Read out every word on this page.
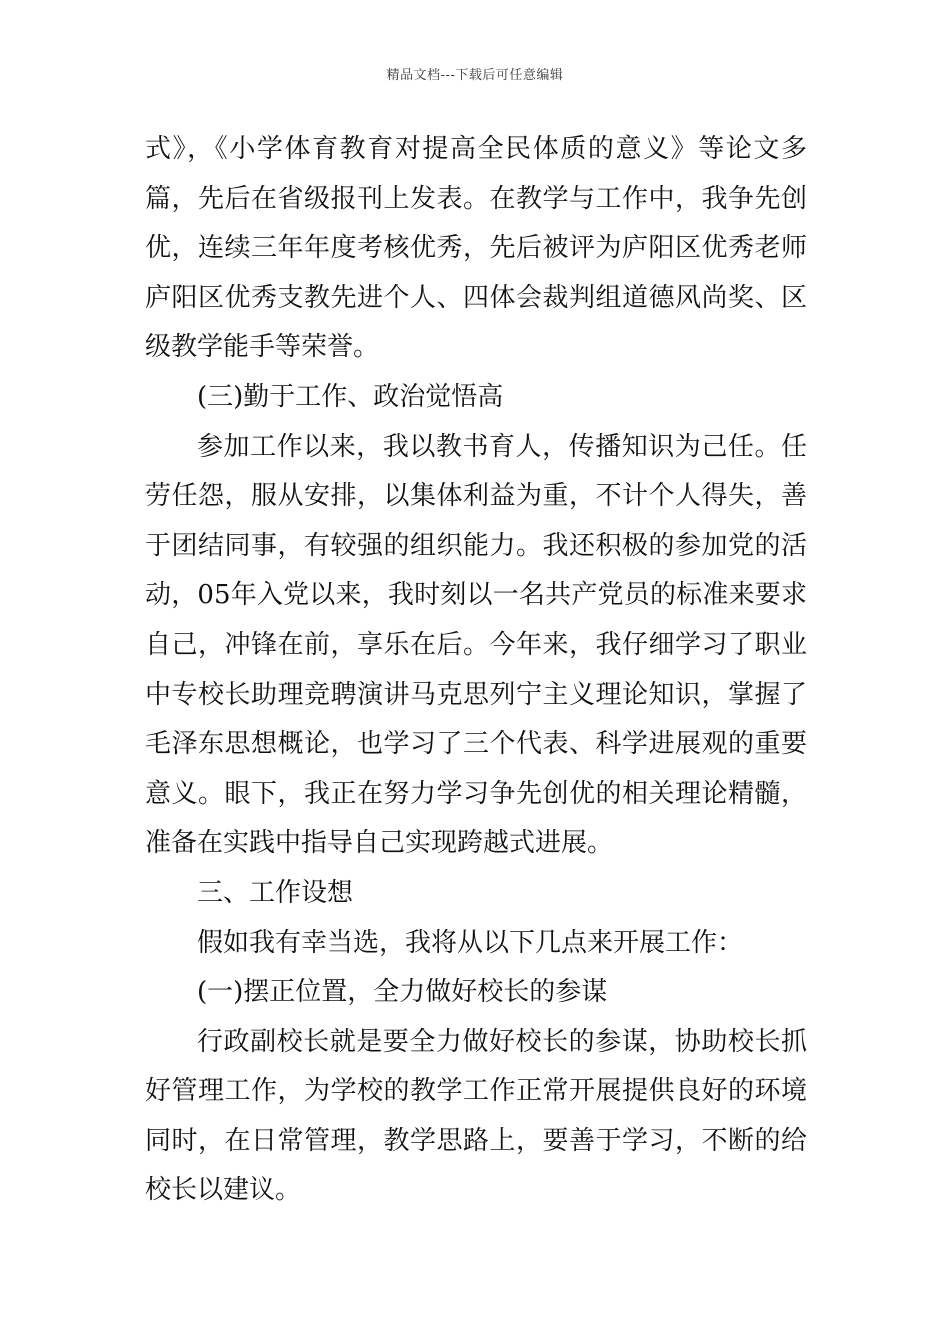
精品文档---下载后可任意编辑
式》，《小学体育教育对提高全民体质的意义》等论文多
篇，先后在省级报刊上发表。在教学与工作中，我争先创
优，连续三年年度考核优秀，先后被评为庐阳区优秀老师
庐阳区优秀支教先进个人、四体会裁判组道德风尚奖、区
级教学能手等荣誉。
(三)勤于工作、政治觉悟高
参加工作以来，我以教书育人，传播知识为己任。任
劳任怨，服从安排，以集体利益为重，不计个人得失，善
于团结同事，有较强的组织能力。我还积极的参加党的活
动，05年入党以来，我时刻以一名共产党员的标准来要求
自己，冲锋在前，享乐在后。今年来，我仔细学习了职业
中专校长助理竞聘演讲马克思列宁主义理论知识，掌握了
毛泽东思想概论，也学习了三个代表、科学进展观的重要
意义。眼下，我正在努力学习争先创优的相关理论精髓，
准备在实践中指导自己实现跨越式进展。
三、工作设想
假如我有幸当选，我将从以下几点来开展工作：
(一)摆正位置，全力做好校长的参谋
行政副校长就是要全力做好校长的参谋，协助校长抓
好管理工作，为学校的教学工作正常开展提供良好的环境
同时，在日常管理，教学思路上，要善于学习，不断的给
校长以建议。
